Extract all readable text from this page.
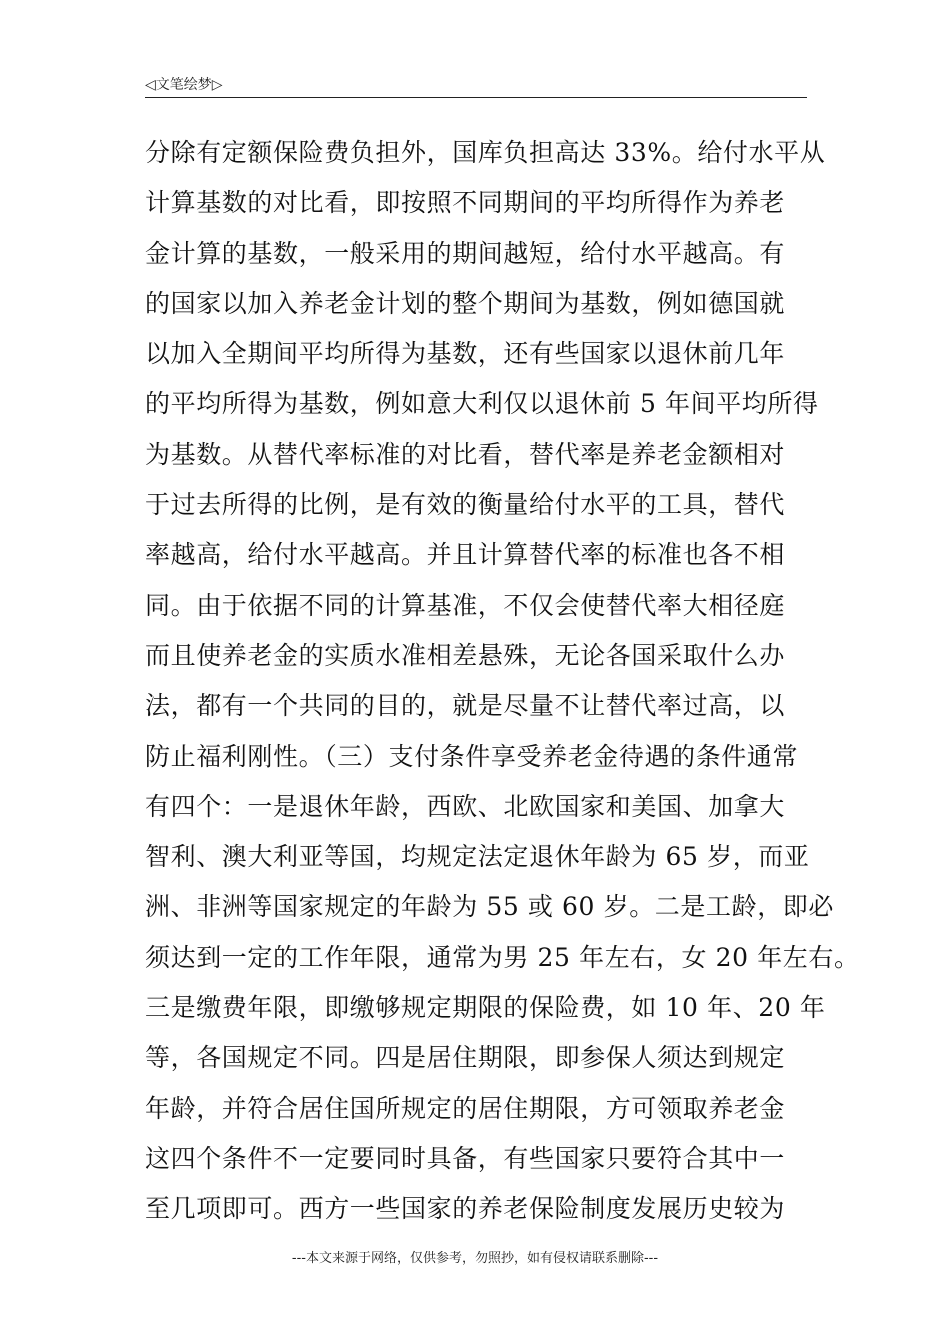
◁文笔绘梦▷
分除有定额保险费负担外，国库负担高达 33%。给付水平从
计算基数的对比看，即按照不同期间的平均所得作为养老
金计算的基数，一般采用的期间越短，给付水平越高。有
的国家以加入养老金计划的整个期间为基数，例如德国就
以加入全期间平均所得为基数，还有些国家以退休前几年
的平均所得为基数，例如意大利仅以退休前 5 年间平均所得
为基数。从替代率标准的对比看，替代率是养老金额相对
于过去所得的比例，是有效的衡量给付水平的工具，替代
率越高，给付水平越高。并且计算替代率的标准也各不相
同。由于依据不同的计算基准，不仅会使替代率大相径庭
而且使养老金的实质水准相差悬殊，无论各国采取什么办
法，都有一个共同的目的，就是尽量不让替代率过高，以
防止福利刚性。（三）支付条件享受养老金待遇的条件通常
有四个：一是退休年龄，西欧、北欧国家和美国、加拿大
智利、澳大利亚等国，均规定法定退休年龄为 65 岁，而亚
洲、非洲等国家规定的年龄为 55 或 60 岁。二是工龄，即必
须达到一定的工作年限，通常为男 25 年左右，女 20 年左右。
三是缴费年限，即缴够规定期限的保险费，如 10 年、20 年
等，各国规定不同。四是居住期限，即参保人须达到规定
年龄，并符合居住国所规定的居住期限，方可领取养老金
这四个条件不一定要同时具备，有些国家只要符合其中一
至几项即可。西方一些国家的养老保险制度发展历史较为
---本文来源于网络，仅供参考，勿照抄，如有侵权请联系删除---
